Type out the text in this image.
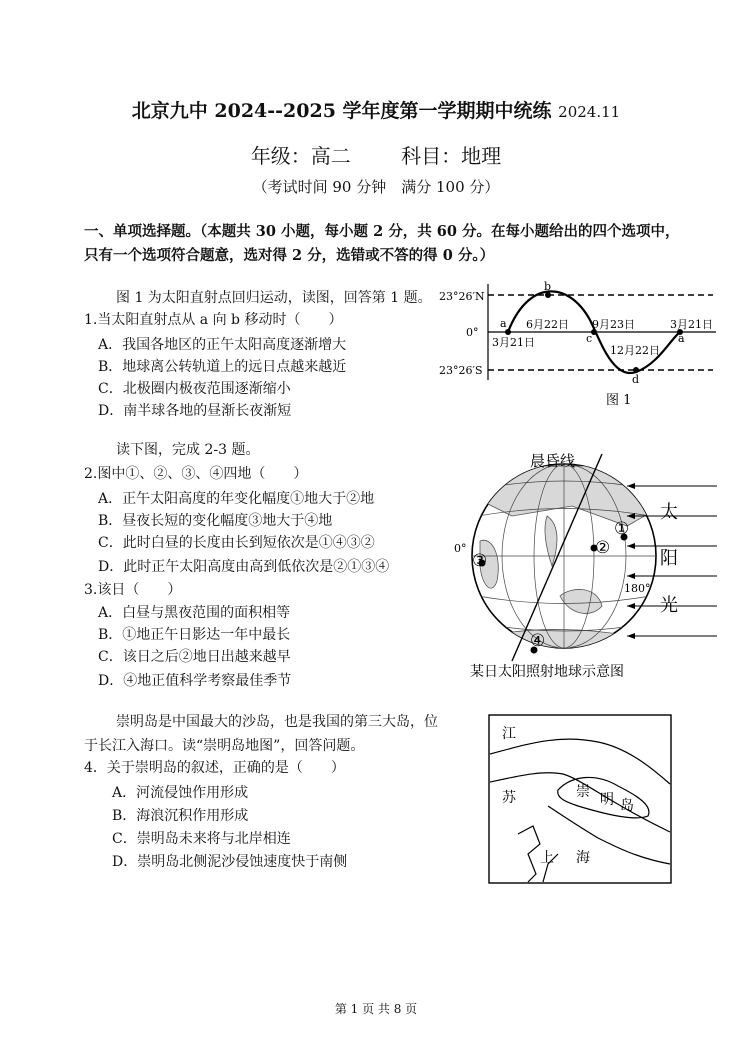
北京九中 2024--2025 学年度第一学期期中统练 2024.11
年级：高二	科目：地理
（考试时间 90 分钟　满分 100 分）
一、单项选择题。（本题共 30 小题，每小题 2 分，共 60 分。在每小题给出的四个选项中，只有一个选项符合题意，选对得 2 分，选错或不答的得 0 分。）
图 1 为太阳直射点回归运动，读图，回答第 1 题。
1.当太阳直射点从 a 向 b 移动时（　　）
A．我国各地区的正午太阳高度逐渐增大
B．地球离公转轨道上的远日点越来越近
C．北极圈内极夜范围逐渐缩小
D．南半球各地的昼渐长夜渐短
23°26′N
0°
23°26′S
a
b
c
d
a
3月21日
6月22日 9月23日
12月22日
3月21日
图 1
读下图，完成 2-3 题。
2.图中①、②、③、④四地（　　）
A．正午太阳高度的年变化幅度①地大于②地
B．昼夜长短的变化幅度③地大于④地
C．此时白昼的长度由长到短依次是①④③②
D．此时正午太阳高度由高到低依次是②①③④
3.该日（　　）
A．白昼与黑夜范围的面积相等
B．①地正午日影达一年中最长
C．该日之后②地日出越来越早
D．④地正值科学考察最佳季节
晨昏线
太
阳
光
0°
180°
①
②
③
④
某日太阳照射地球示意图
崇明岛是中国最大的沙岛，也是我国的第三大岛，位
于长江入海口。读“崇明岛地图”，回答问题。
4．关于崇明岛的叙述，正确的是（　　）
A．河流侵蚀作用形成
B．海浪沉积作用形成
C．崇明岛未来将与北岸相连
D．崇明岛北侧泥沙侵蚀速度快于南侧
江
苏	崇 明 岛
上 海
第 1 页 共 8 页
